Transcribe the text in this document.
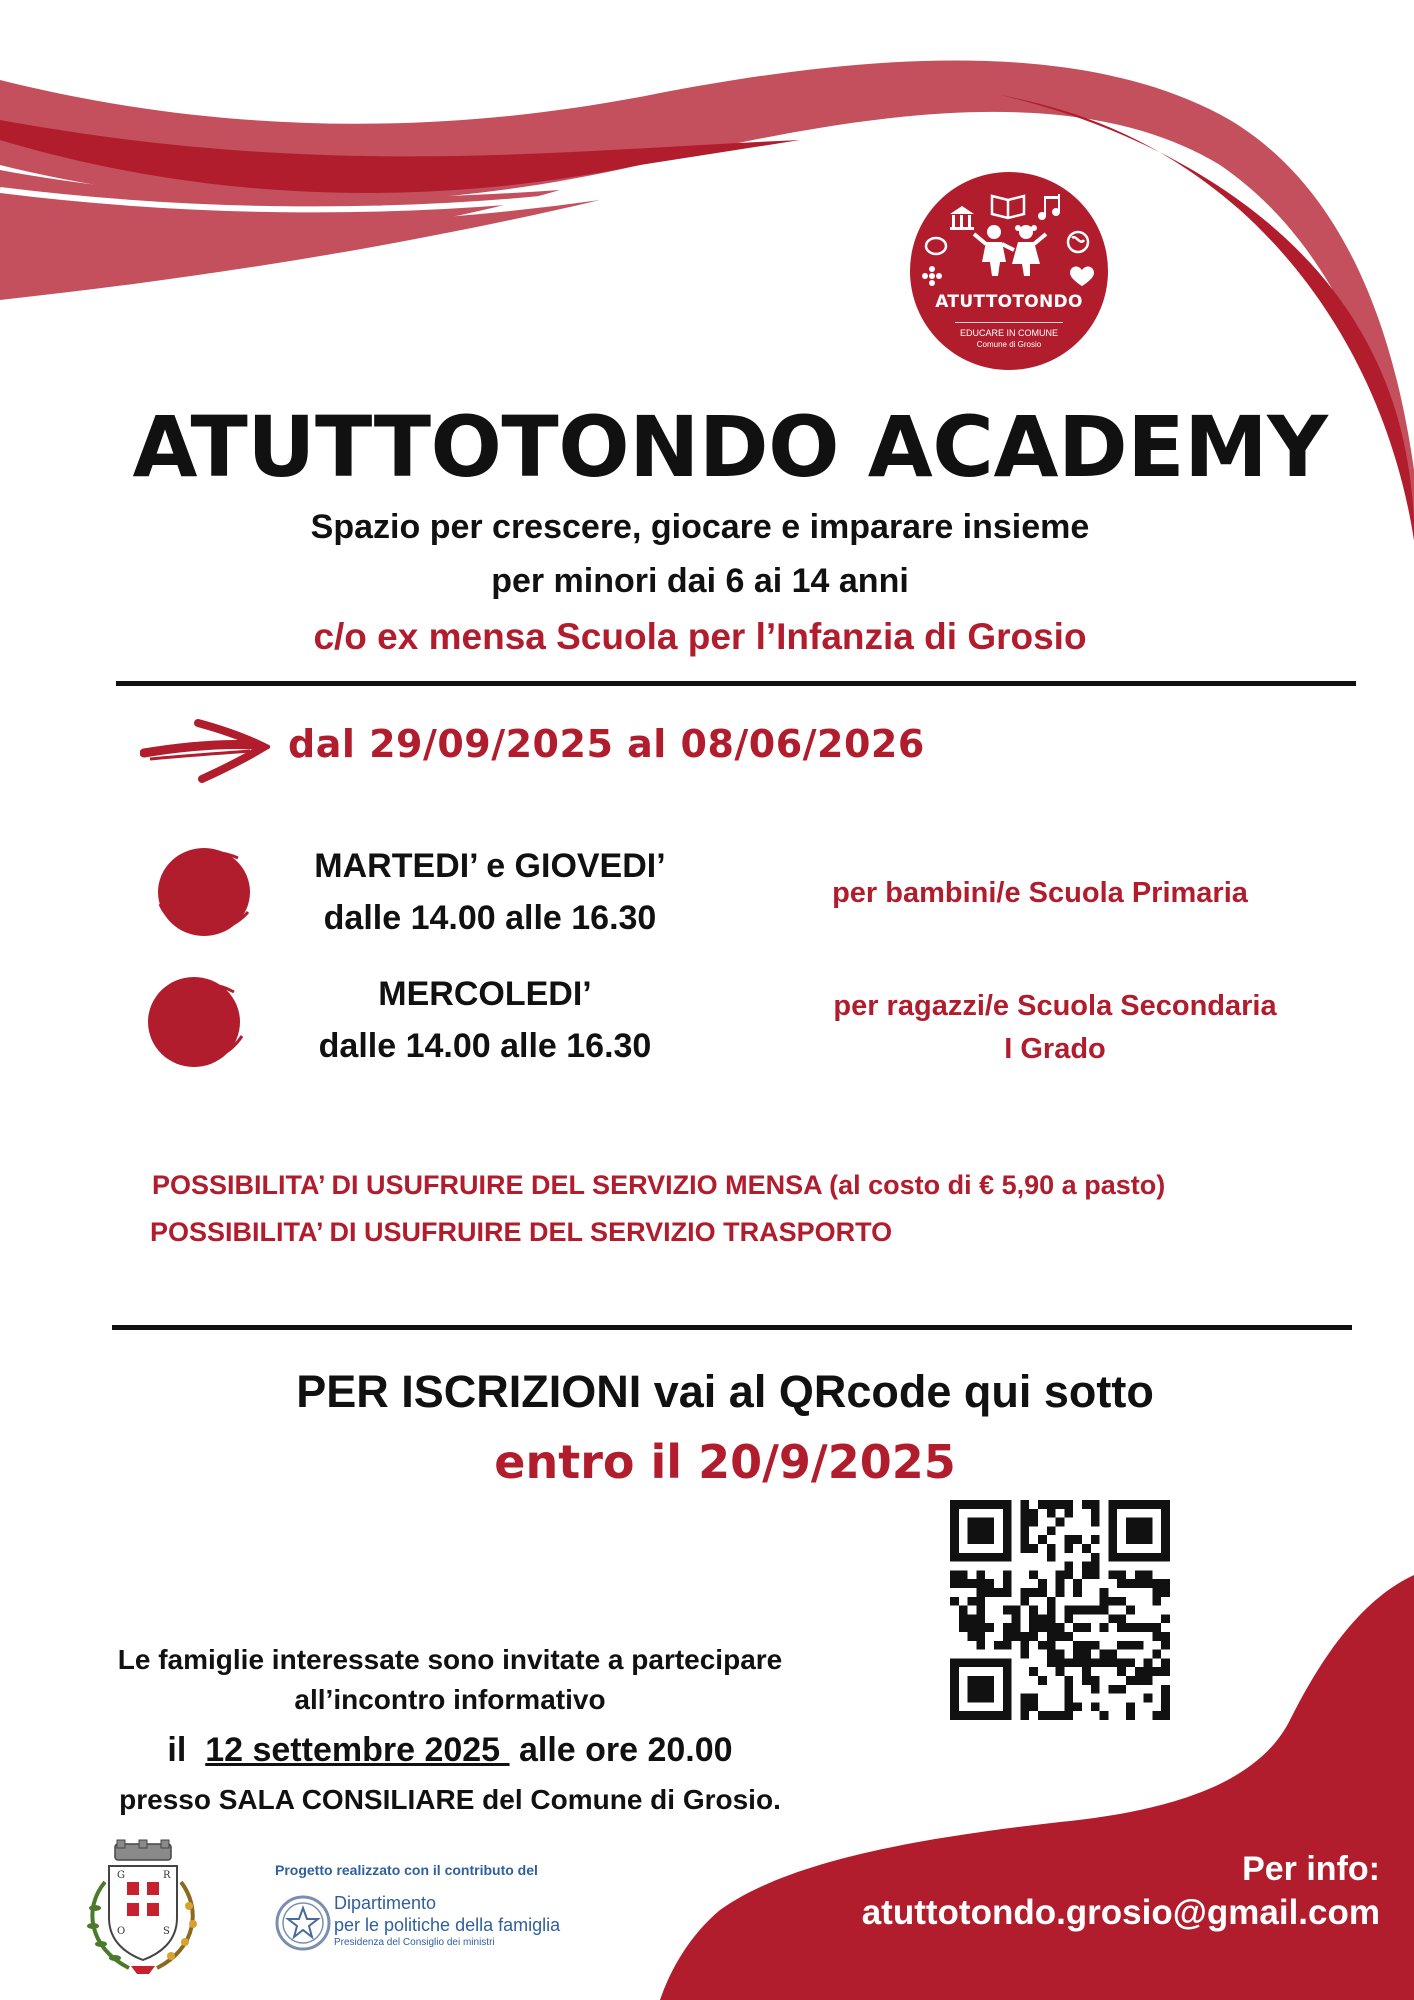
ATUTTOTONDO
EDUCARE IN COMUNE
Comune di Grosio
ATUTTOTONDO ACADEMY
Spazio per crescere, giocare e imparare insieme
per minori dai 6 ai 14 anni
c/o ex mensa Scuola per l’Infanzia di Grosio
dal 29/09/2025 al 08/06/2026
MARTEDI’ e GIOVEDI’
dalle 14.00 alle 16.30
per bambini/e Scuola Primaria
MERCOLEDI’
dalle 14.00 alle 16.30
per ragazzi/e Scuola Secondaria
I Grado
POSSIBILITA’ DI USUFRUIRE DEL SERVIZIO MENSA (al costo di € 5,90 a pasto)
POSSIBILITA’ DI USUFRUIRE DEL SERVIZIO TRASPORTO
PER ISCRIZIONI vai al QRcode qui sotto
entro il 20/9/2025
Le famiglie interessate sono invitate a partecipare
all’incontro informativo
il  12 settembre 2025  alle ore 20.00
presso SALA CONSILIARE del Comune di Grosio.
G	R
O	S
Progetto realizzato con il contributo del
Dipartimento
per le politiche della famiglia
Presidenza del Consiglio dei ministri
Per info:
atuttotondo.grosio@gmail.com
